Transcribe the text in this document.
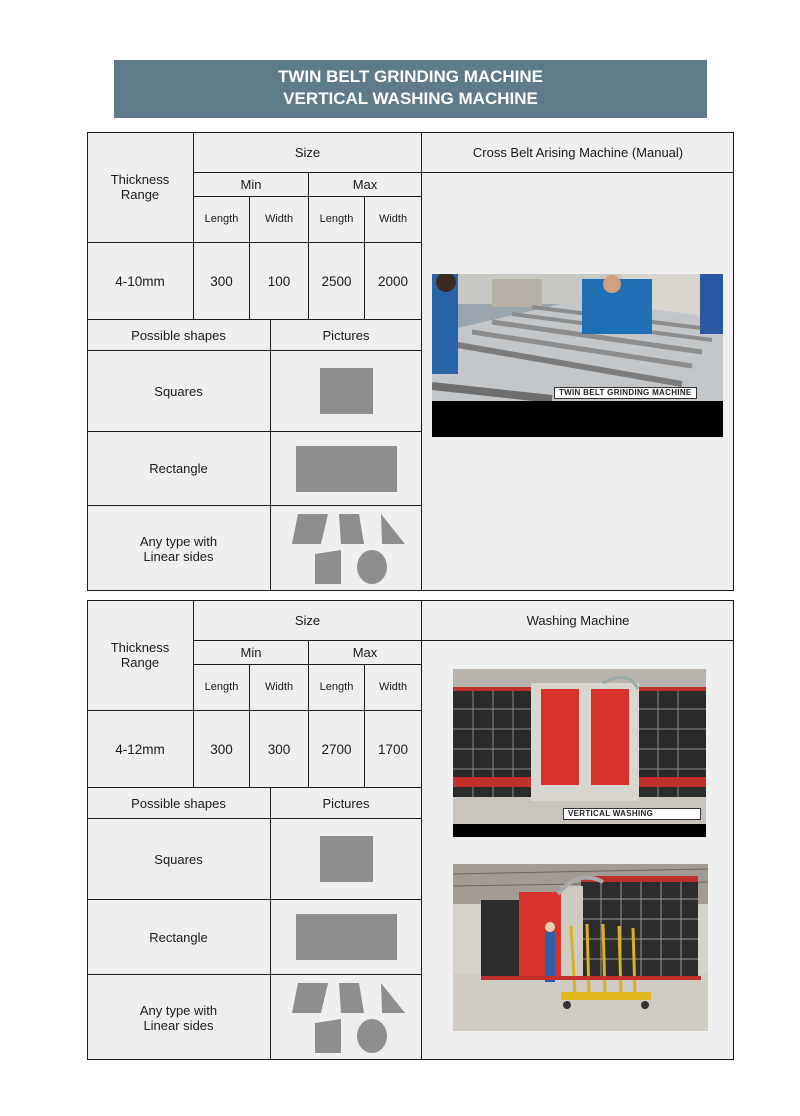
TWIN BELT GRINDING MACHINE
VERTICAL WASHING MACHINE
Thickness Range
Size
Min	Max
Length Width Length Width
4-10mm	300	100 2500 2000
Possible shapes	Pictures
Squares
Rectangle
Any type with Linear sides
Cross Belt Arising Machine (Manual)
TWIN BELT GRINDING MACHINE
Thickness Range
Size
Min	Max
Length Width Length Width
4-12mm	300	300 2700 1700
Possible shapes	Pictures
Squares
Rectangle
Any type with Linear sides
Washing Machine
VERTICAL WASHING
